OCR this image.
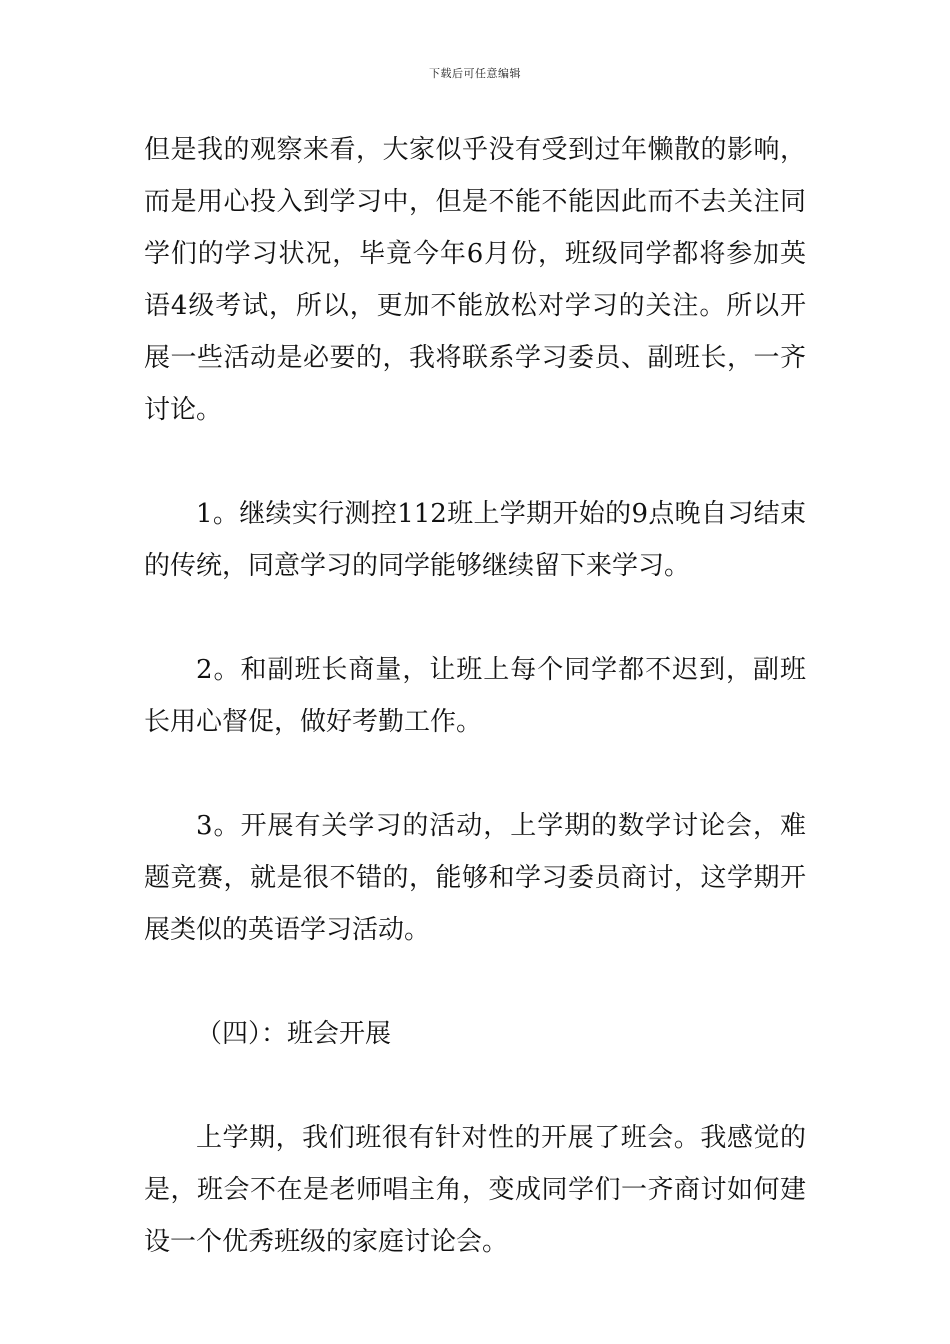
下载后可任意编辑

但是我的观察来看，大家似乎没有受到过年懒散的影响，而是用心投入到学习中，但是不能不能因此而不去关注同学们的学习状况，毕竟今年6月份，班级同学都将参加英语4级考试，所以，更加不能放松对学习的关注。所以开展一些活动是必要的，我将联系学习委员、副班长，一齐讨论。

1。继续实行测控112班上学期开始的9点晚自习结束的传统，同意学习的同学能够继续留下来学习。

2。和副班长商量，让班上每个同学都不迟到，副班长用心督促，做好考勤工作。

3。开展有关学习的活动，上学期的数学讨论会，难题竞赛，就是很不错的，能够和学习委员商讨，这学期开展类似的英语学习活动。

（四）：班会开展

上学期，我们班很有针对性的开展了班会。我感觉的是，班会不在是老师唱主角，变成同学们一齐商讨如何建设一个优秀班级的家庭讨论会。
